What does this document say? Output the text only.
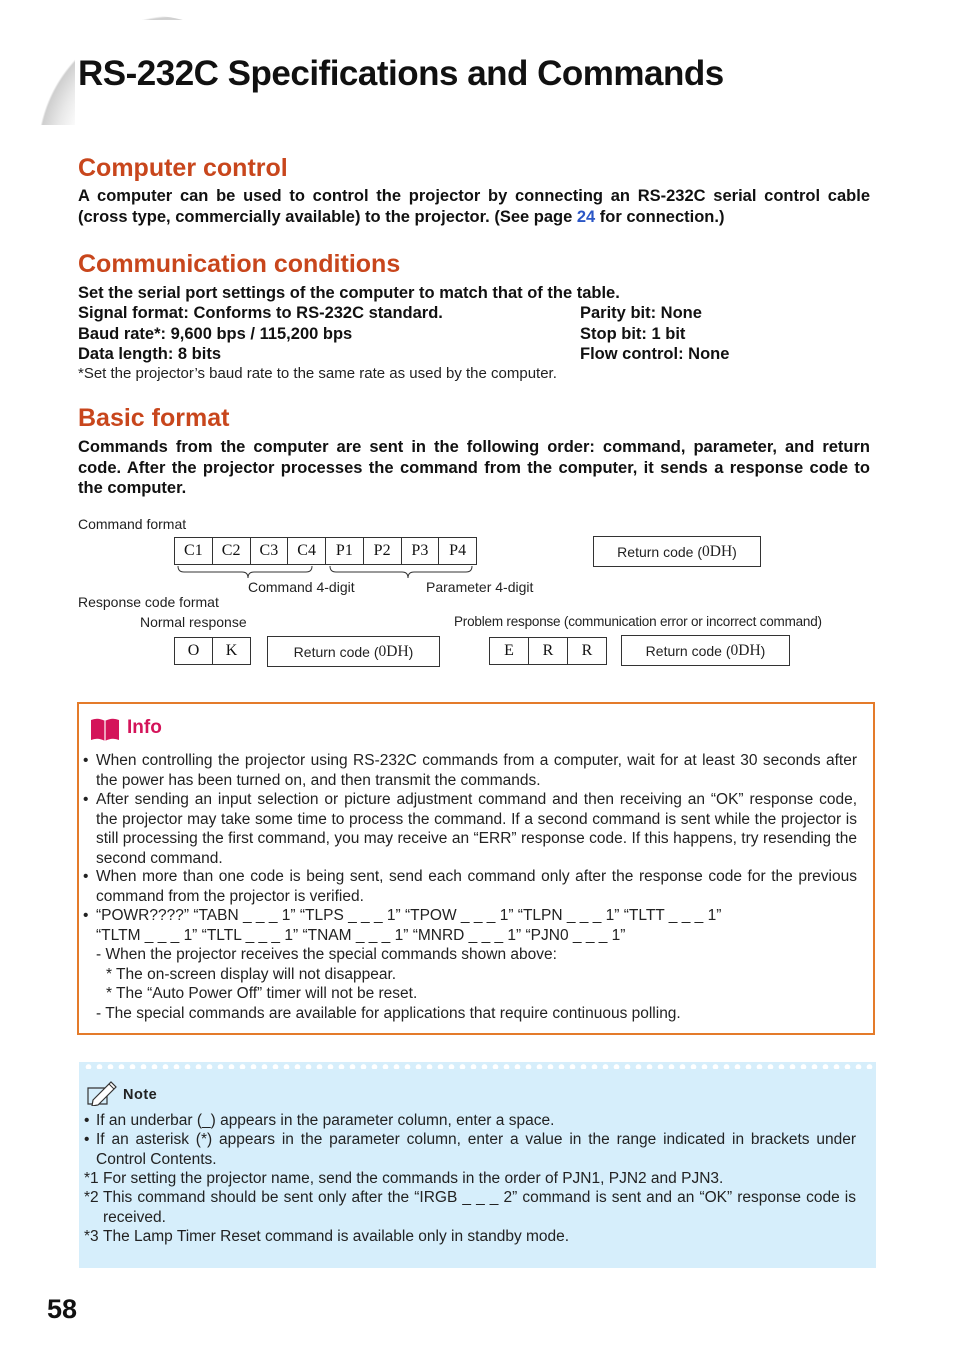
RS-232C Specifications and Commands
Computer control
A computer can be used to control the projector by connecting an RS-232C serial control cable (cross type, commercially available) to the projector. (See page 24 for connection.)
Communication conditions
Set the serial port settings of the computer to match that of the table.
Signal format: Conforms to RS-232C standard.	Parity bit: None
Baud rate*: 9,600 bps / 115,200 bps	Stop bit: 1 bit
Data length: 8 bits	Flow control: None
*Set the projector’s baud rate to the same rate as used by the computer.
Basic format
Commands from the computer are sent in the following order: command, parameter, and return code. After the projector processes the command from the computer, it sends a response code to the computer.
Command format
C1	C2	C3	C4	P1	P2	P3	P4	Return code ( 0DH )
Command 4-digit	Parameter 4-digit
Response code format
Normal response	Problem response (communication error or incorrect command)
O	K	Return code ( 0DH )	E	R	R	Return code ( 0DH )
Info
• When controlling the projector using RS-232C commands from a computer, wait for at least 30 seconds after the power has been turned on, and then transmit the commands.
• After sending an input selection or picture adjustment command and then receiving an “OK” response code, the projector may take some time to process the command. If a second command is sent while the projector is still processing the first command, you may receive an “ERR” response code. If this happens, try resending the second command.
• When more than one code is being sent, send each command only after the response code for the previous command from the projector is verified.
• “POWR????” “TABN _ _ _ 1” “TLPS _ _ _ 1” “TPOW _ _ _ 1” “TLPN _ _ _ 1” “TLTT _ _ _ 1”
“TLTM _ _ _ 1” “TLTL _ _ _ 1” “TNAM _ _ _ 1” “MNRD _ _ _ 1” “PJN0 _ _ _ 1”
- When the projector receives the special commands shown above:
* The on-screen display will not disappear.
* The “Auto Power Off” timer will not be reset.
- The special commands are available for applications that require continuous polling.
Note
• If an underbar (_) appears in the parameter column, enter a space.
• If an asterisk (*) appears in the parameter column, enter a value in the range indicated in brackets under Control Contents.
*1 For setting the projector name, send the commands in the order of PJN1, PJN2 and PJN3.
*2 This command should be sent only after the “IRGB _ _ _ 2” command is sent and an “OK” response code is received.
*3 The Lamp Timer Reset command is available only in standby mode.
58
